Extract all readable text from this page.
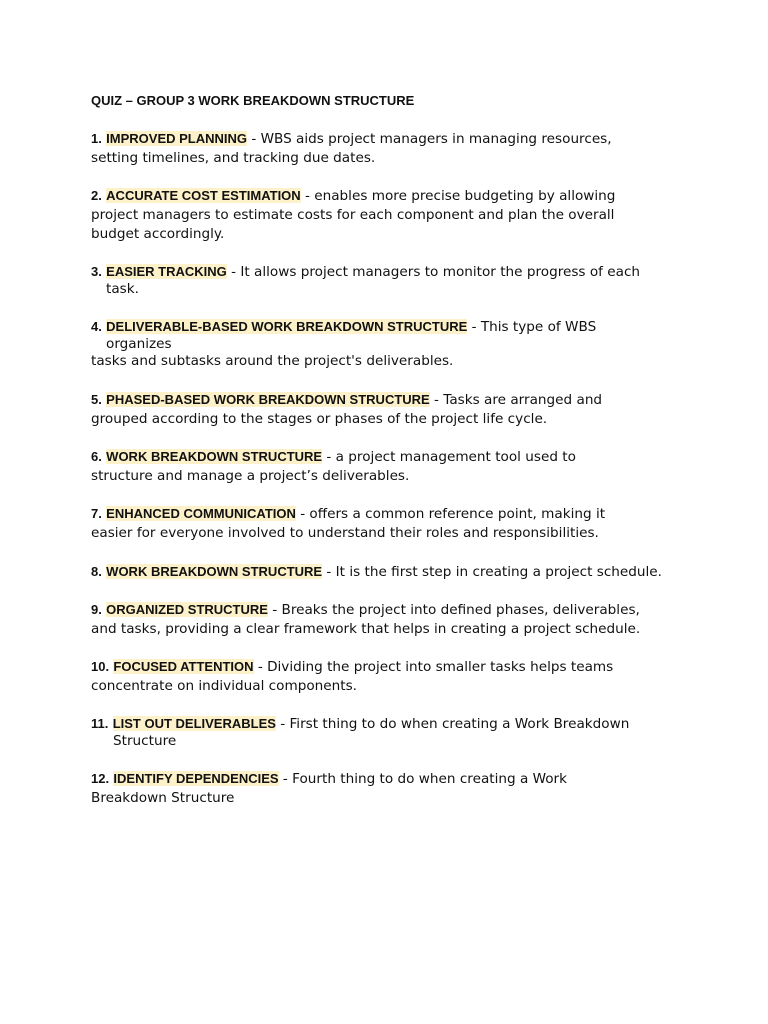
QUIZ – GROUP 3 WORK BREAKDOWN STRUCTURE
1. IMPROVED PLANNING - WBS aids project managers in managing resources,
setting timelines, and tracking due dates.
2. ACCURATE COST ESTIMATION - enables more precise budgeting by allowing
project managers to estimate costs for each component and plan the overall
budget accordingly.
3. EASIER TRACKING - It allows project managers to monitor the progress of each
task.
4. DELIVERABLE-BASED WORK BREAKDOWN STRUCTURE - This type of WBS
organizes
tasks and subtasks around the project's deliverables.
5. PHASED-BASED WORK BREAKDOWN STRUCTURE - Tasks are arranged and
grouped according to the stages or phases of the project life cycle.
6. WORK BREAKDOWN STRUCTURE - a project management tool used to
structure and manage a project’s deliverables.
7. ENHANCED COMMUNICATION - offers a common reference point, making it
easier for everyone involved to understand their roles and responsibilities.
8. WORK BREAKDOWN STRUCTURE - It is the first step in creating a project schedule.
9. ORGANIZED STRUCTURE - Breaks the project into defined phases, deliverables,
and tasks, providing a clear framework that helps in creating a project schedule.
10. FOCUSED ATTENTION - Dividing the project into smaller tasks helps teams
concentrate on individual components.
11. LIST OUT DELIVERABLES - First thing to do when creating a Work Breakdown
Structure
12. IDENTIFY DEPENDENCIES - Fourth thing to do when creating a Work
Breakdown Structure
